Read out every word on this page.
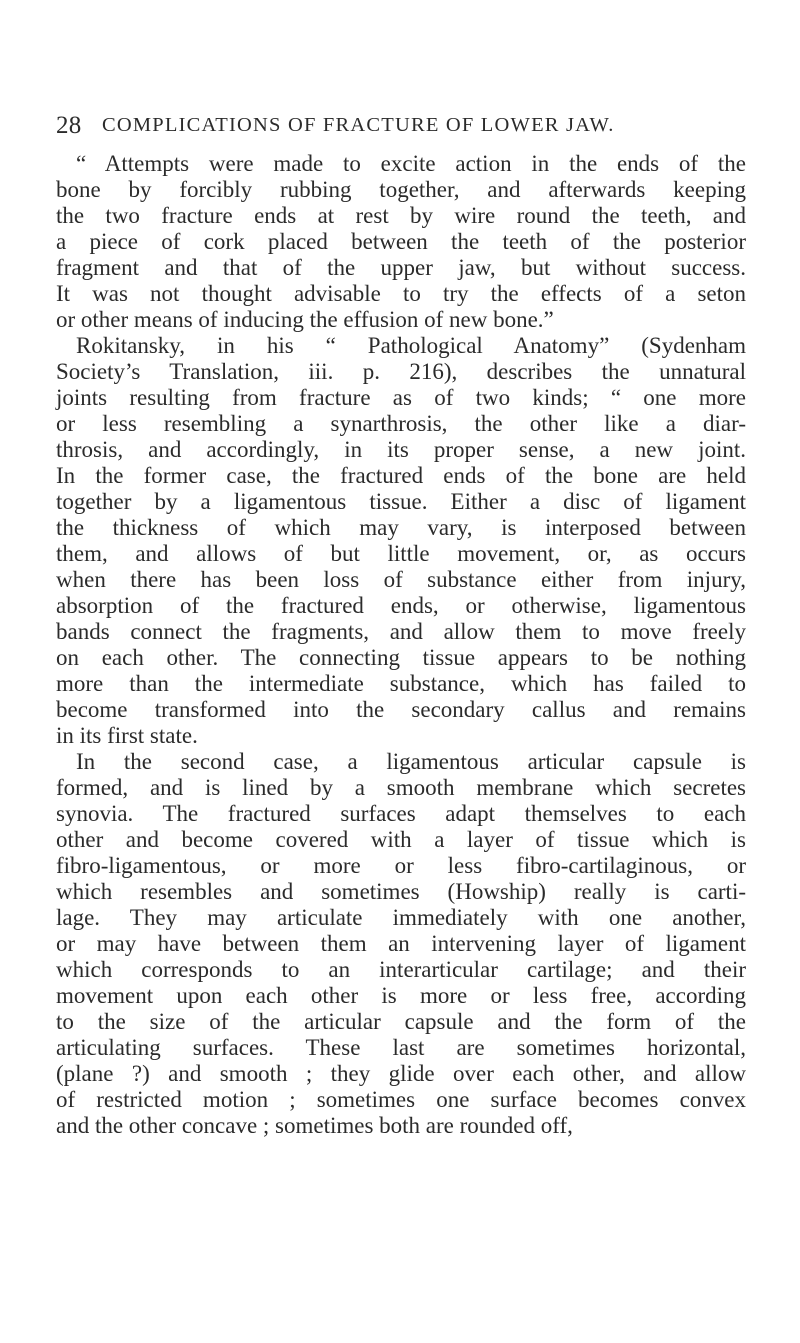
28 COMPLICATIONS OF FRACTURE OF LOWER JAW.
“ Attempts were made to excite action in the ends of the
bone by forcibly rubbing together, and afterwards keeping
the two fracture ends at rest by wire round the teeth, and
a piece of cork placed between the teeth of the posterior
fragment and that of the upper jaw, but without success.
It was not thought advisable to try the effects of a seton
or other means of inducing the effusion of new bone.”
Rokitansky, in his “ Pathological Anatomy” (Sydenham
Society’s Translation, iii. p. 216), describes the unnatural
joints resulting from fracture as of two kinds; “ one more
or less resembling a synarthrosis, the other like a diar-
throsis, and accordingly, in its proper sense, a new joint.
In the former case, the fractured ends of the bone are held
together by a ligamentous tissue. Either a disc of ligament
the thickness of which may vary, is interposed between
them, and allows of but little movement, or, as occurs
when there has been loss of substance either from injury,
absorption of the fractured ends, or otherwise, ligamentous
bands connect the fragments, and allow them to move freely
on each other. The connecting tissue appears to be nothing
more than the intermediate substance, which has failed to
become transformed into the secondary callus and remains
in its first state.
In the second case, a ligamentous articular capsule is
formed, and is lined by a smooth membrane which secretes
synovia. The fractured surfaces adapt themselves to each
other and become covered with a layer of tissue which is
fibro-ligamentous, or more or less fibro-cartilaginous, or
which resembles and sometimes (Howship) really is carti-
lage. They may articulate immediately with one another,
or may have between them an intervening layer of ligament
which corresponds to an interarticular cartilage; and their
movement upon each other is more or less free, according
to the size of the articular capsule and the form of the
articulating surfaces. These last are sometimes horizontal,
(plane ?) and smooth ; they glide over each other, and allow
of restricted motion ; sometimes one surface becomes convex
and the other concave ; sometimes both are rounded off,
